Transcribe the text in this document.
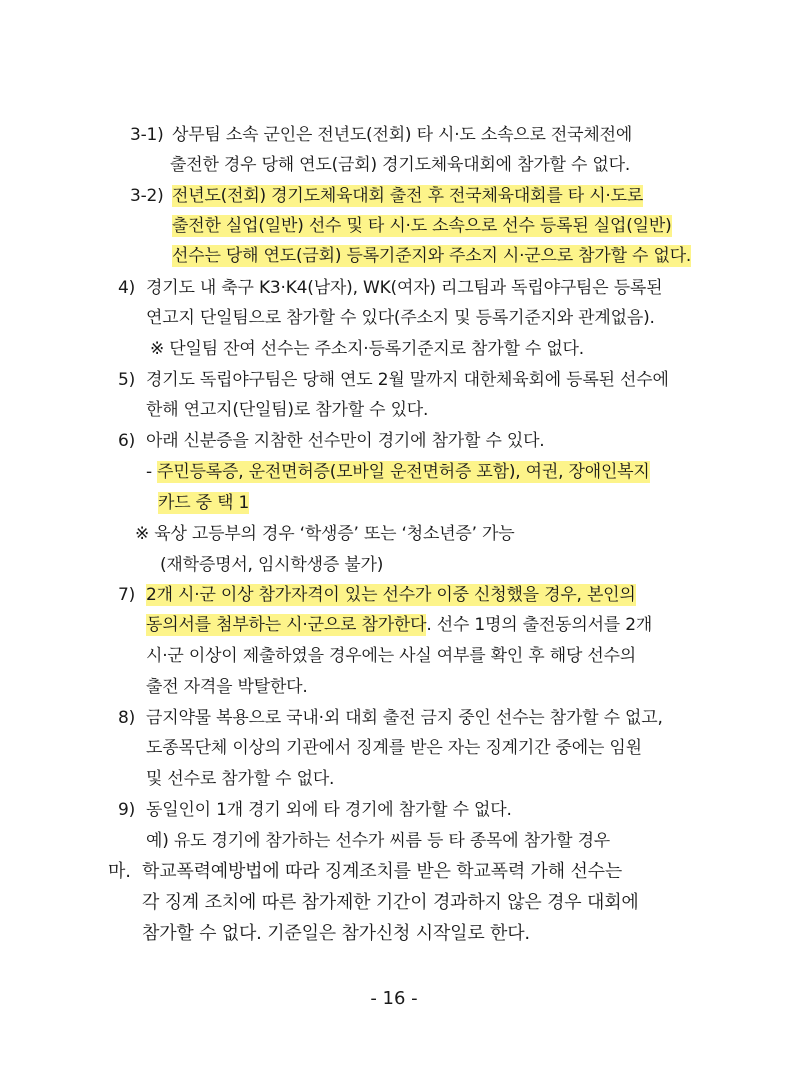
- 16 -
3-1) 상무팀 소속 군인은 전년도(전회) 타 시·도 소속으로 전국체전에
출전한 경우 당해 연도(금회) 경기도체육대회에 참가할 수 없다.
3-2) 전년도(전회) 경기도체육대회 출전 후 전국체육대회를 타 시·도로
출전한 실업(일반) 선수 및 타 시·도 소속으로 선수 등록된 실업(일반)
선수는 당해 연도(금회) 등록기준지와 주소지 시·군으로 참가할 수 없다.
4) 경기도 내 축구 K3·K4(남자), WK(여자) 리그팀과 독립야구팀은 등록된
연고지 단일팀으로 참가할 수 있다(주소지 및 등록기준지와 관계없음).
※ 단일팀 잔여 선수는 주소지·등록기준지로 참가할 수 없다.
5) 경기도 독립야구팀은 당해 연도 2월 말까지 대한체육회에 등록된 선수에
한해 연고지(단일팀)로 참가할 수 있다.
6) 아래 신분증을 지참한 선수만이 경기에 참가할 수 있다.
- 주민등록증, 운전면허증(모바일 운전면허증 포함), 여권, 장애인복지
카드 중 택 1
※ 육상 고등부의 경우 ‘학생증’ 또는 ‘청소년증’ 가능
(재학증명서, 임시학생증 불가)
7) 2개 시·군 이상 참가자격이 있는 선수가 이중 신청했을 경우, 본인의
동의서를 첨부하는 시·군으로 참가한다. 선수 1명의 출전동의서를 2개
시·군 이상이 제출하였을 경우에는 사실 여부를 확인 후 해당 선수의
출전 자격을 박탈한다.
8) 금지약물 복용으로 국내·외 대회 출전 금지 중인 선수는 참가할 수 없고,
도종목단체 이상의 기관에서 징계를 받은 자는 징계기간 중에는 임원
및 선수로 참가할 수 없다.
9) 동일인이 1개 경기 외에 타 경기에 참가할 수 없다.
예) 유도 경기에 참가하는 선수가 씨름 등 타 종목에 참가할 경우
마. 학교폭력예방법에 따라 징계조치를 받은 학교폭력 가해 선수는
각 징계 조치에 따른 참가제한 기간이 경과하지 않은 경우 대회에
참가할 수 없다. 기준일은 참가신청 시작일로 한다.
